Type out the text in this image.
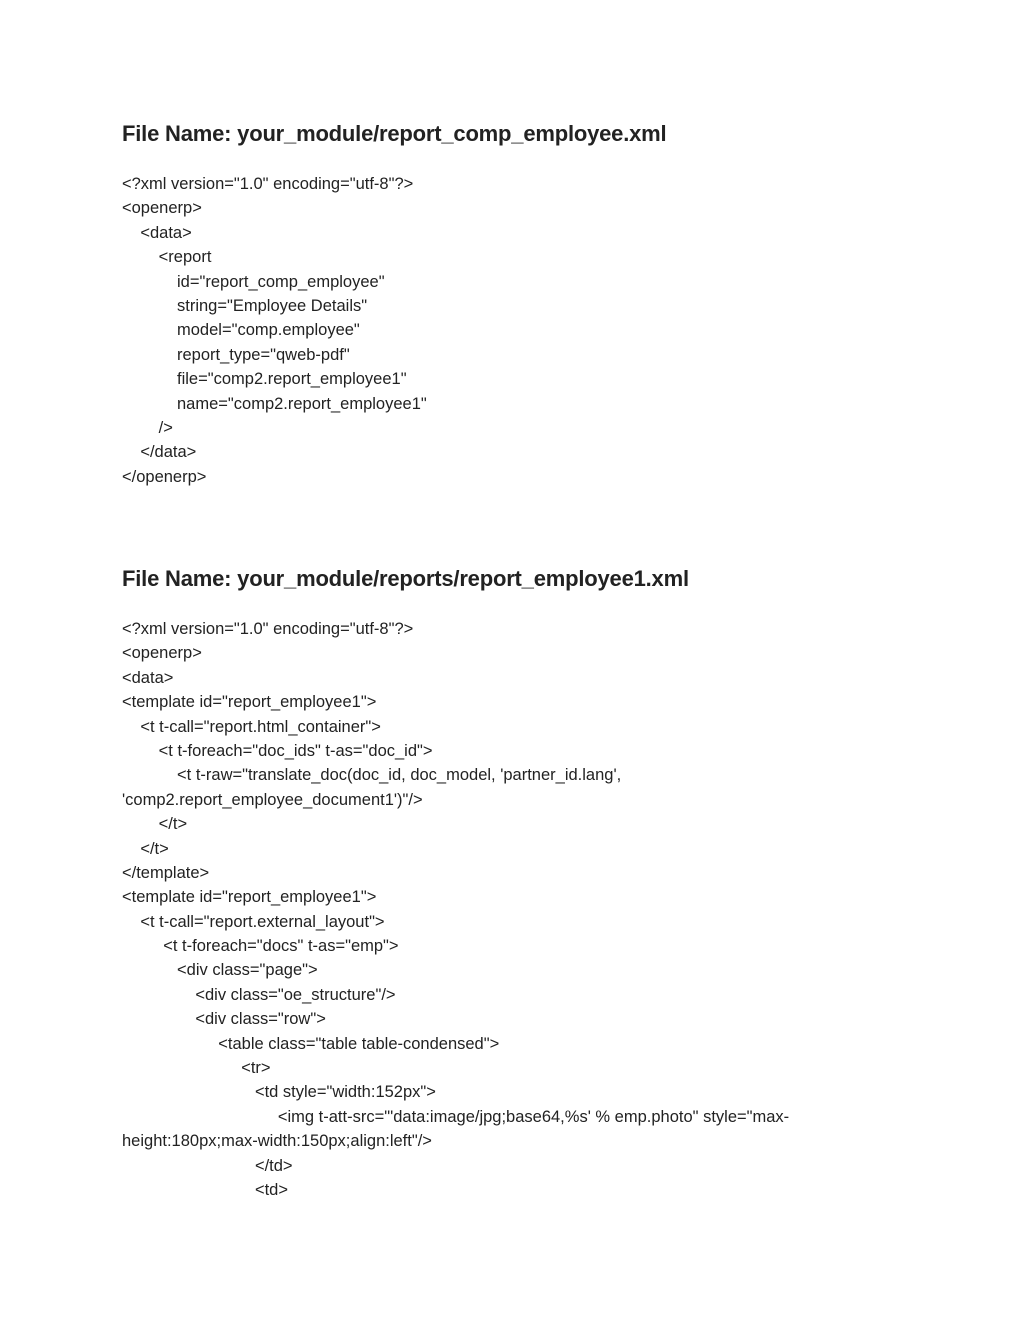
File Name: your_module/report_comp_employee.xml
<?xml version="1.0" encoding="utf-8"?>
<openerp>
<data>
<report
id="report_comp_employee"
string="Employee Details"
model="comp.employee"
report_type="qweb-pdf"
file="comp2.report_employee1"
name="comp2.report_employee1"
/>
</data>
</openerp>
File Name: your_module/reports/report_employee1.xml
<?xml version="1.0" encoding="utf-8"?>
<openerp>
<data>
<template id="report_employee1">
<t t-call="report.html_container">
<t t-foreach="doc_ids" t-as="doc_id">
<t t-raw="translate_doc(doc_id, doc_model, 'partner_id.lang',
'comp2.report_employee_document1')"/>
</t>
</t>
</template>
<template id="report_employee1">
<t t-call="report.external_layout">
<t t-foreach="docs" t-as="emp">
<div class="page">
<div class="oe_structure"/>
<div class="row">
<table class="table table-condensed">
<tr>
<td style="width:152px">
<img t-att-src="'data:image/jpg;base64,%s' % emp.photo" style="max-
height:180px;max-width:150px;align:left"/>
</td>
<td>
